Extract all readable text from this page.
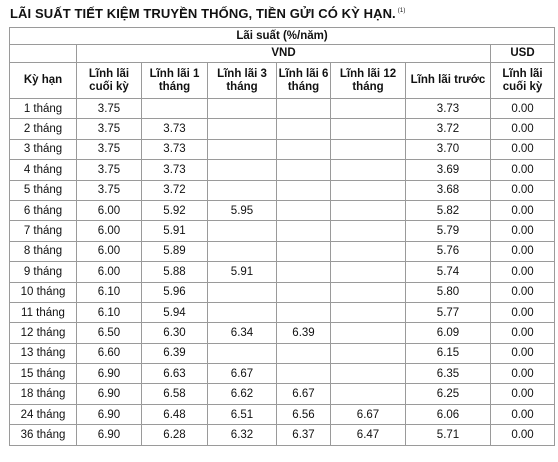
LÃI SUẤT TIẾT KIỆM TRUYỀN THỐNG, TIỀN GỬI CÓ KỲ HẠN. $^{(1)}$
Lãi suất (%/năm)							
	VND						USD
Kỳ hạn	Lĩnh lãi cuối kỳ	Lĩnh lãi 1 tháng	Lĩnh lãi 3 tháng	Lĩnh lãi 6 tháng	Lĩnh lãi 12 tháng	Lĩnh lãi trước	Lĩnh lãi cuối kỳ
1 tháng	3.75					3.73	0.00
2 tháng	3.75	3.73				3.72	0.00
3 tháng	3.75	3.73				3.70	0.00
4 tháng	3.75	3.73				3.69	0.00
5 tháng	3.75	3.72				3.68	0.00
6 tháng	6.00	5.92	5.95			5.82	0.00
7 tháng	6.00	5.91				5.79	0.00
8 tháng	6.00	5.89				5.76	0.00
9 tháng	6.00	5.88	5.91			5.74	0.00
10 tháng	6.10	5.96				5.80	0.00
11 tháng	6.10	5.94				5.77	0.00
12 tháng	6.50	6.30	6.34	6.39		6.09	0.00
13 tháng	6.60	6.39				6.15	0.00
15 tháng	6.90	6.63	6.67			6.35	0.00
18 tháng	6.90	6.58	6.62	6.67		6.25	0.00
24 tháng	6.90	6.48	6.51	6.56	6.67	6.06	0.00
36 tháng	6.90	6.28	6.32	6.37	6.47	5.71	0.00
